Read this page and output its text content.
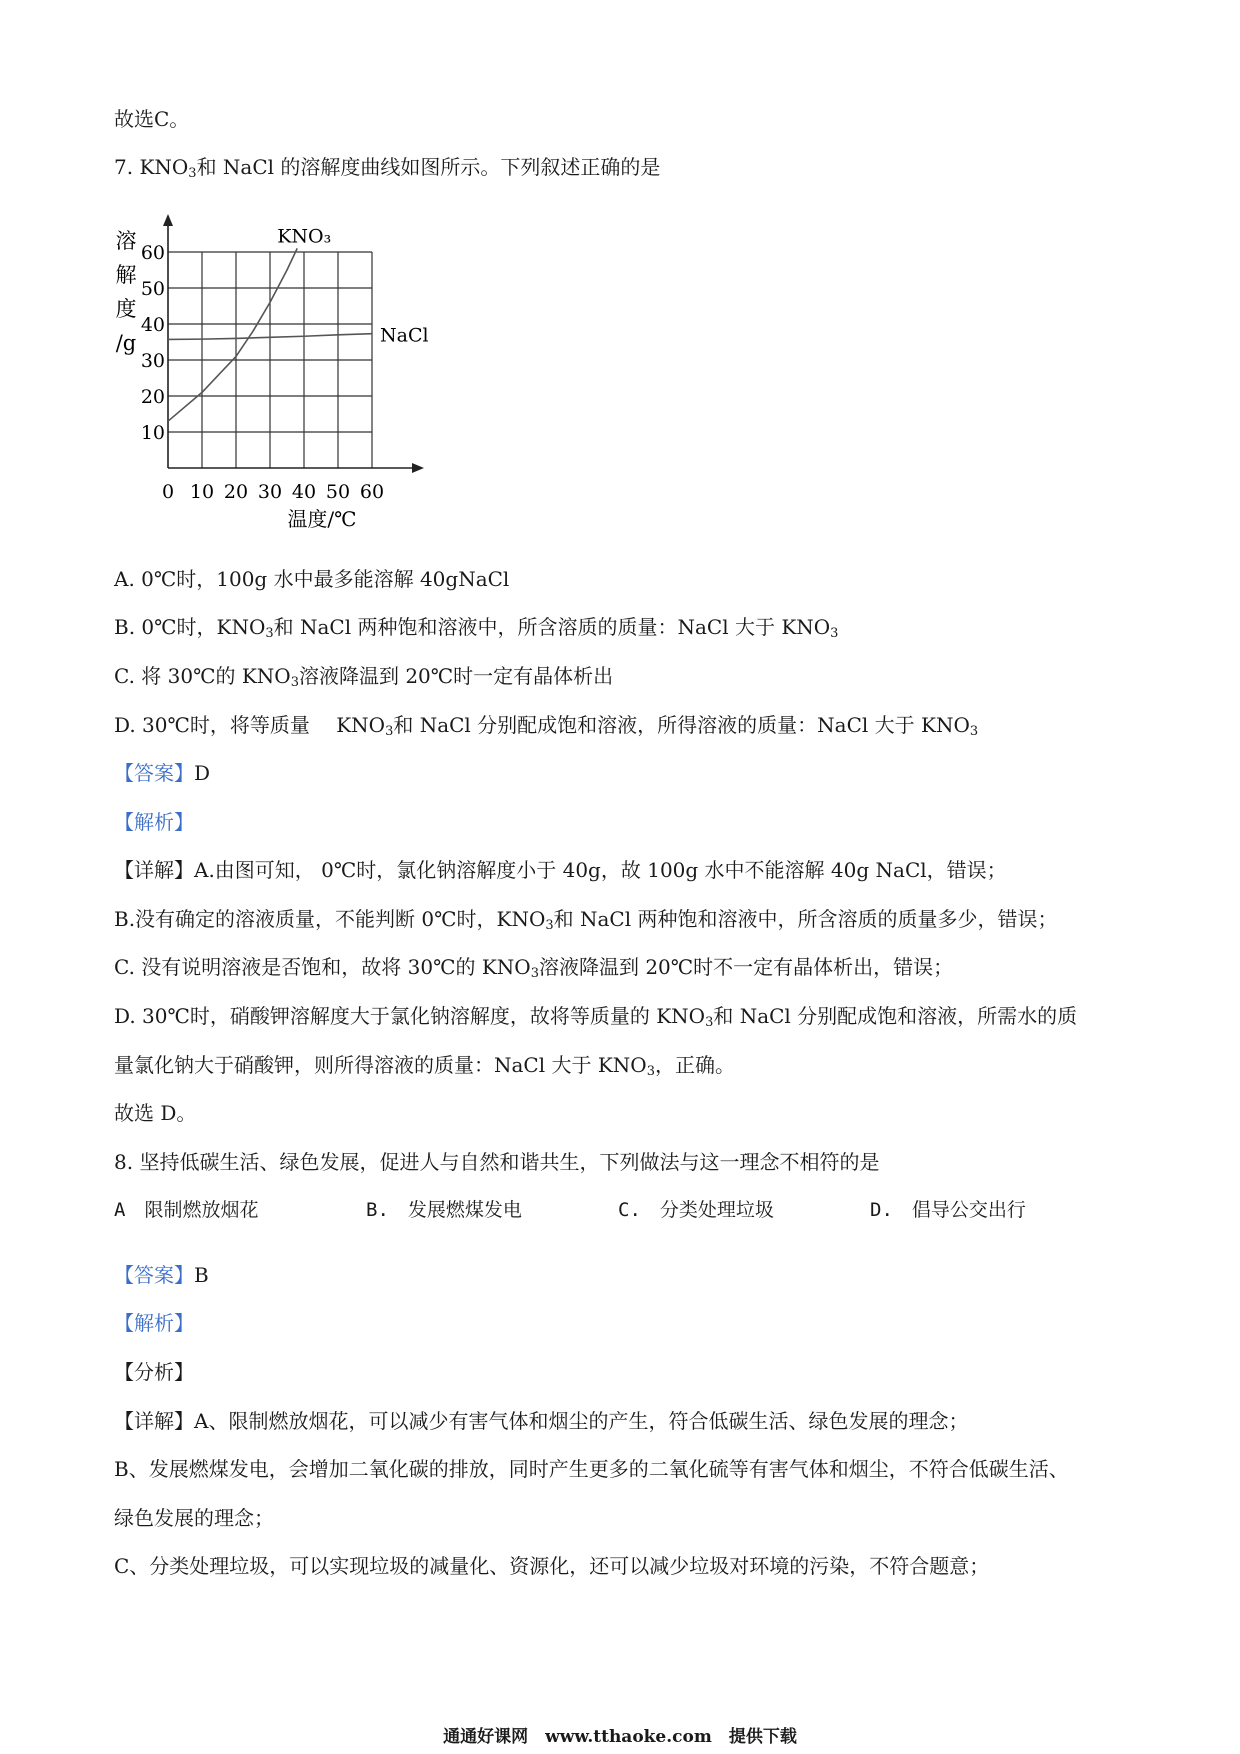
故选C。
7. $KNO_3$和 NaCl 的溶解度曲线如图所示。下列叙述正确的是
10
20
30
40
50
60
0 10 20 30 40 50 60
溶
解
度
/g
温度/℃
KNO₃
NaCl
A. 0℃时，100g 水中最多能溶解 40gNaCl
B. 0℃时，$KNO_3$和 NaCl 两种饱和溶液中，所含溶质的质量：NaCl 大于 $KNO_3$
C. 将 30℃的 $KNO_3$溶液降温到 20℃时一定有晶体析出
D. 30℃时，将等质量　 $KNO_3$和 NaCl 分别配成饱和溶液，所得溶液的质量：NaCl 大于 $KNO_3$
【答案】D
【解析】
【详解】A.由图可知， 0℃时，氯化钠溶解度小于 40g，故 100g 水中不能溶解 40g NaCl，错误；
B.没有确定的溶液质量，不能判断 0℃时，$KNO_3$和 NaCl 两种饱和溶液中，所含溶质的质量多少，错误；
C. 没有说明溶液是否饱和，故将 30℃的 $KNO_3$溶液降温到 20℃时不一定有晶体析出，错误；
D. 30℃时，硝酸钾溶解度大于氯化钠溶解度，故将等质量的 $KNO_3$和 NaCl 分别配成饱和溶液，所需水的质
量氯化钠大于硝酸钾，则所得溶液的质量：NaCl 大于 $KNO_3$，正确。
故选 D。
8. 坚持低碳生活、绿色发展，促进人与自然和谐共生，下列做法与这一理念不相符的是
A　 限制燃放烟花	B.　 发展燃煤发电	C.　 分类处理垃圾	D.　 倡导公交出行
【答案】B
【解析】
【分析】
【详解】A、限制燃放烟花，可以减少有害气体和烟尘的产生，符合低碳生活、绿色发展的理念；
B、发展燃煤发电，会增加二氧化碳的排放，同时产生更多的二氧化硫等有害气体和烟尘，不符合低碳生活、
绿色发展的理念；
C、分类处理垃圾，可以实现垃圾的减量化、资源化，还可以减少垃圾对环境的污染，不符合题意；
通通好课网　www.tthaoke.com　提供下载
